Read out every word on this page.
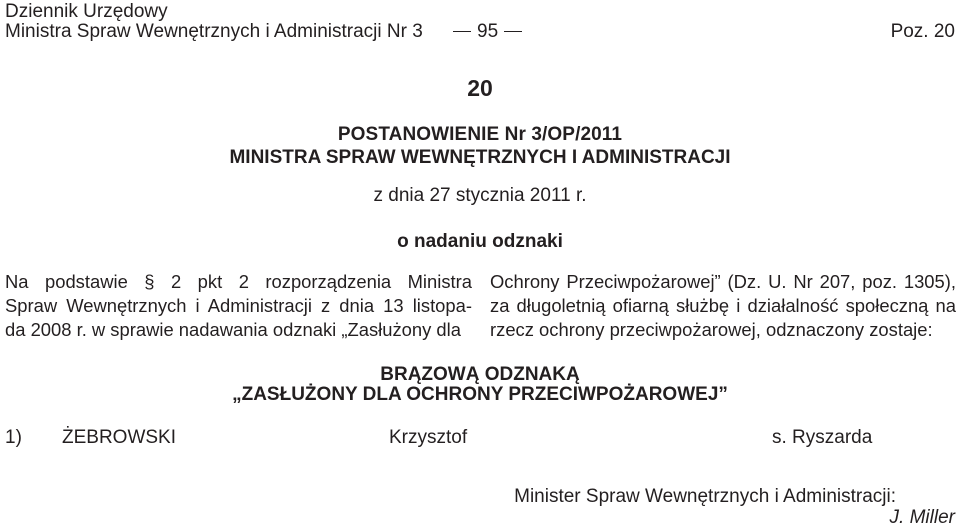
Dziennik Urzędowy
Ministra Spraw Wewnętrznych i Administracji Nr 3	95	Poz. 20
20
POSTANOWIENIE Nr 3/OP/2011
MINISTRA SPRAW WEWNĘTRZNYCH I ADMINISTRACJI
z dnia 27 stycznia 2011 r.
o nadaniu odznaki
Na podstawie § 2 pkt 2 rozporządzenia Ministra
Spraw Wewnętrznych i Administracji z dnia 13 listopa-
da 2008 r. w sprawie nadawania odznaki „Zasłużony dla
Ochrony Przeciwpożarowej” (Dz. U. Nr 207, poz. 1305),
za długoletnią ofiarną służbę i działalność społeczną na
rzecz ochrony przeciwpożarowej, odznaczony zostaje:
BRĄZOWĄ ODZNAKĄ
„ZASŁUŻONY DLA OCHRONY PRZECIWPOŻAROWEJ”
1) ŻEBROWSKI	Krzysztof	s. Ryszarda
Minister Spraw Wewnętrznych i Administracji:
J. Miller
